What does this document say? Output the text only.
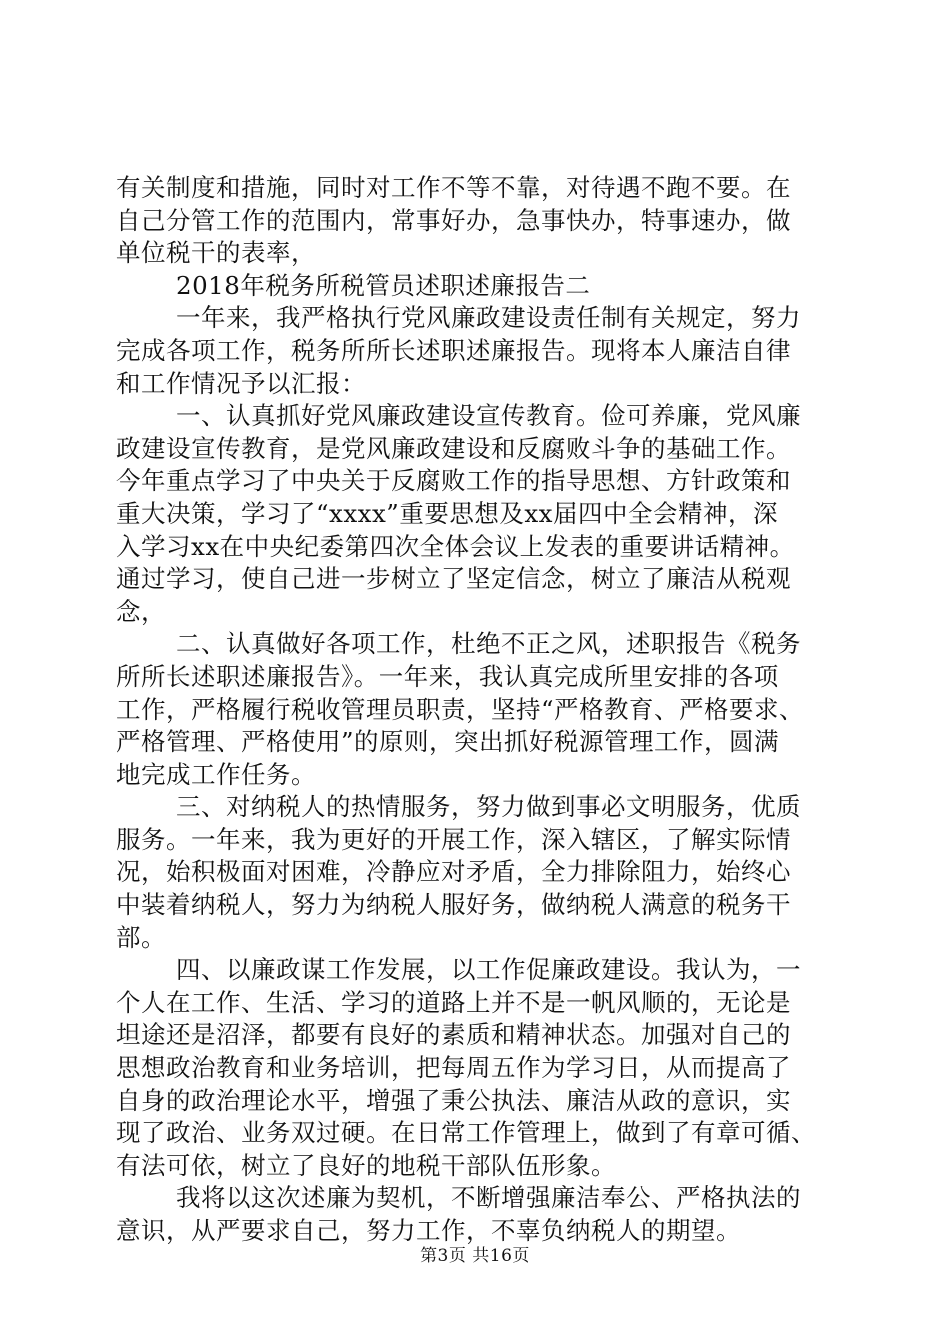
有关制度和措施，同时对工作不等不靠，对待遇不跑不要。在
自己分管工作的范围内，常事好办，急事快办，特事速办，做
单位税干的表率，
2018年税务所税管员述职述廉报告二
一年来，我严格执行党风廉政建设责任制有关规定，努力
完成各项工作，税务所所长述职述廉报告。现将本人廉洁自律
和工作情况予以汇报：
一、认真抓好党风廉政建设宣传教育。俭可养廉，党风廉
政建设宣传教育，是党风廉政建设和反腐败斗争的基础工作。
今年重点学习了中央关于反腐败工作的指导思想、方针政策和
重大决策，学习了“xxxx”重要思想及xx届四中全会精神，深
入学习xx在中央纪委第四次全体会议上发表的重要讲话精神。
通过学习，使自己进一步树立了坚定信念，树立了廉洁从税观
念，
二、认真做好各项工作，杜绝不正之风，述职报告《税务
所所长述职述廉报告》。一年来，我认真完成所里安排的各项
工作，严格履行税收管理员职责，坚持“严格教育、严格要求、
严格管理、严格使用”的原则，突出抓好税源管理工作，圆满
地完成工作任务。
三、对纳税人的热情服务，努力做到事必文明服务，优质
服务。一年来，我为更好的开展工作，深入辖区，了解实际情
况，始积极面对困难，冷静应对矛盾，全力排除阻力，始终心
中装着纳税人，努力为纳税人服好务，做纳税人满意的税务干
部。
四、以廉政谋工作发展，以工作促廉政建设。我认为，一
个人在工作、生活、学习的道路上并不是一帆风顺的，无论是
坦途还是沼泽，都要有良好的素质和精神状态。加强对自己的
思想政治教育和业务培训，把每周五作为学习日，从而提高了
自身的政治理论水平，增强了秉公执法、廉洁从政的意识，实
现了政治、业务双过硬。在日常工作管理上，做到了有章可循、
有法可依，树立了良好的地税干部队伍形象。
我将以这次述廉为契机，不断增强廉洁奉公、严格执法的
意识，从严要求自己，努力工作，不辜负纳税人的期望。
第3页 共16页
